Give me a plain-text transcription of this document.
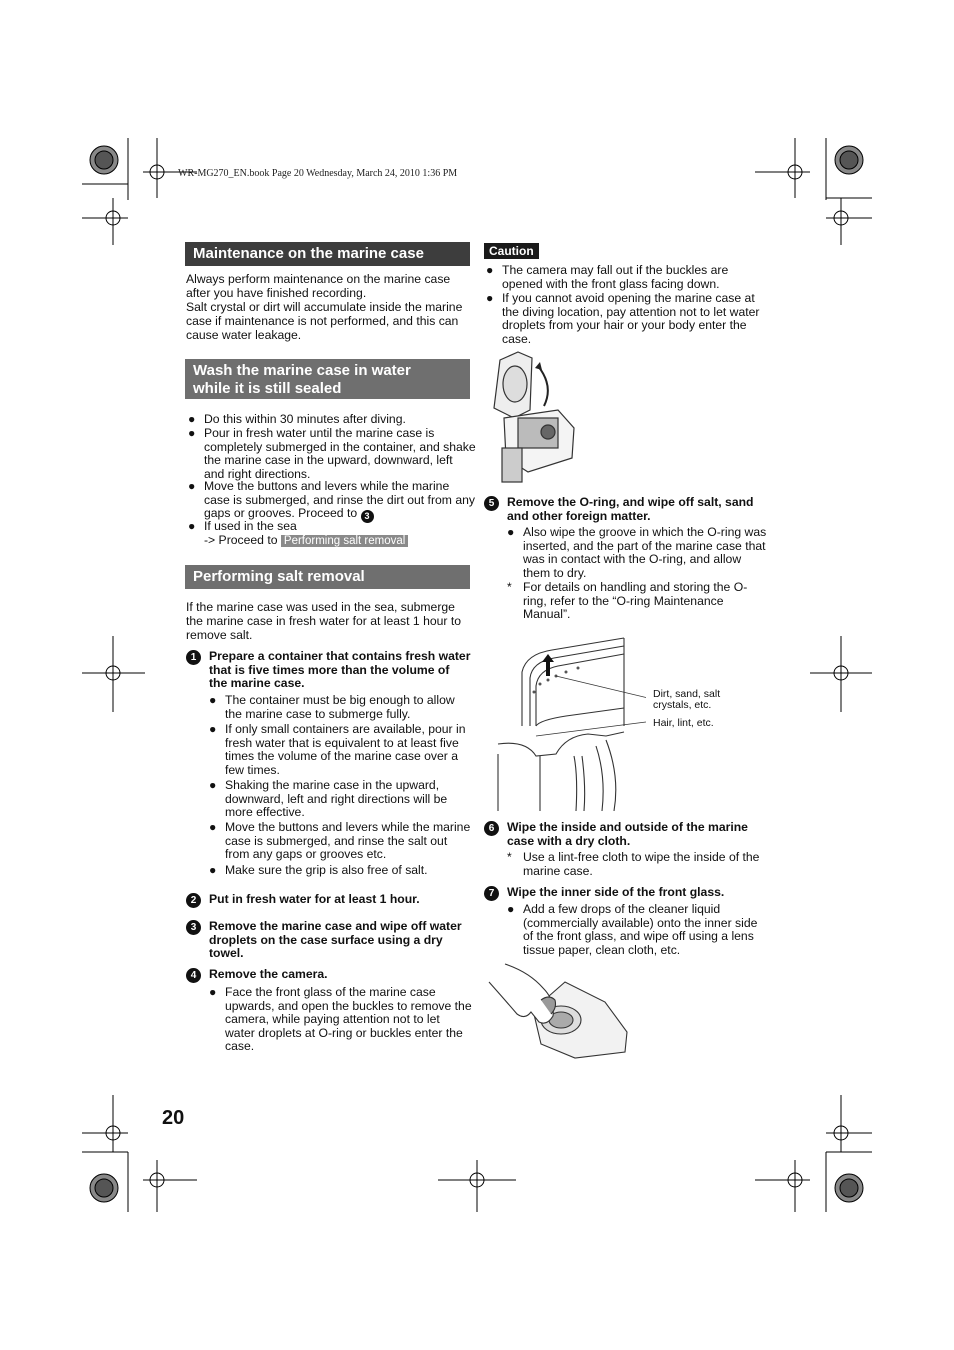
WR-MG270_EN.book Page 20 Wednesday, March 24, 2010 1:36 PM
Maintenance on the marine case
Always perform maintenance on the marine case after you have finished recording.
Salt crystal or dirt will accumulate inside the marine case if maintenance is not performed, and this can cause water leakage.
Wash the marine case in water
while it is still sealed
● Do this within 30 minutes after diving.
● Pour in fresh water until the marine case is completely submerged in the container, and shake the marine case in the upward, downward, left and right directions.
● Move the buttons and levers while the marine case is submerged, and rinse the dirt out from any gaps or grooves. Proceed to 3
● If used in the sea
-> Proceed to Performing salt removal
Performing salt removal
If the marine case was used in the sea, submerge the marine case in fresh water for at least 1 hour to remove salt.
1	Prepare a container that contains fresh water that is five times more than the volume of the marine case.
● The container must be big enough to allow the marine case to submerge fully.
● If only small containers are available, pour in fresh water that is equivalent to at least five times the volume of the marine case over a few times.
● Shaking the marine case in the upward, downward, left and right directions will be more effective.
● Move the buttons and levers while the marine case is submerged, and rinse the salt out from any gaps or grooves etc.
● Make sure the grip is also free of salt.
2	Put in fresh water for at least 1 hour.
3	Remove the marine case and wipe off water droplets on the case surface using a dry towel.
4	Remove the camera.
● Face the front glass of the marine case upwards, and open the buckles to remove the camera, while paying attention not to let water droplets at O-ring or buckles enter the case.
20
Caution
● The camera may fall out if the buckles are opened with the front glass facing down.
● If you cannot avoid opening the marine case at the diving location, pay attention not to let water droplets from your hair or your body enter the case.
5	Remove the O-ring, and wipe off salt, sand and other foreign matter.
● Also wipe the groove in which the O-ring was inserted, and the part of the marine case that was in contact with the O-ring, and allow them to dry.
* For details on handling and storing the O-ring, refer to the “O-ring Maintenance Manual”.
Dirt, sand, salt crystals, etc.
Hair, lint, etc.
6	Wipe the inside and outside of the marine case with a dry cloth.
* Use a lint-free cloth to wipe the inside of the marine case.
7	Wipe the inner side of the front glass.
● Add a few drops of the cleaner liquid (commercially available) onto the inner side of the front glass, and wipe off using a lens tissue paper, clean cloth, etc.
